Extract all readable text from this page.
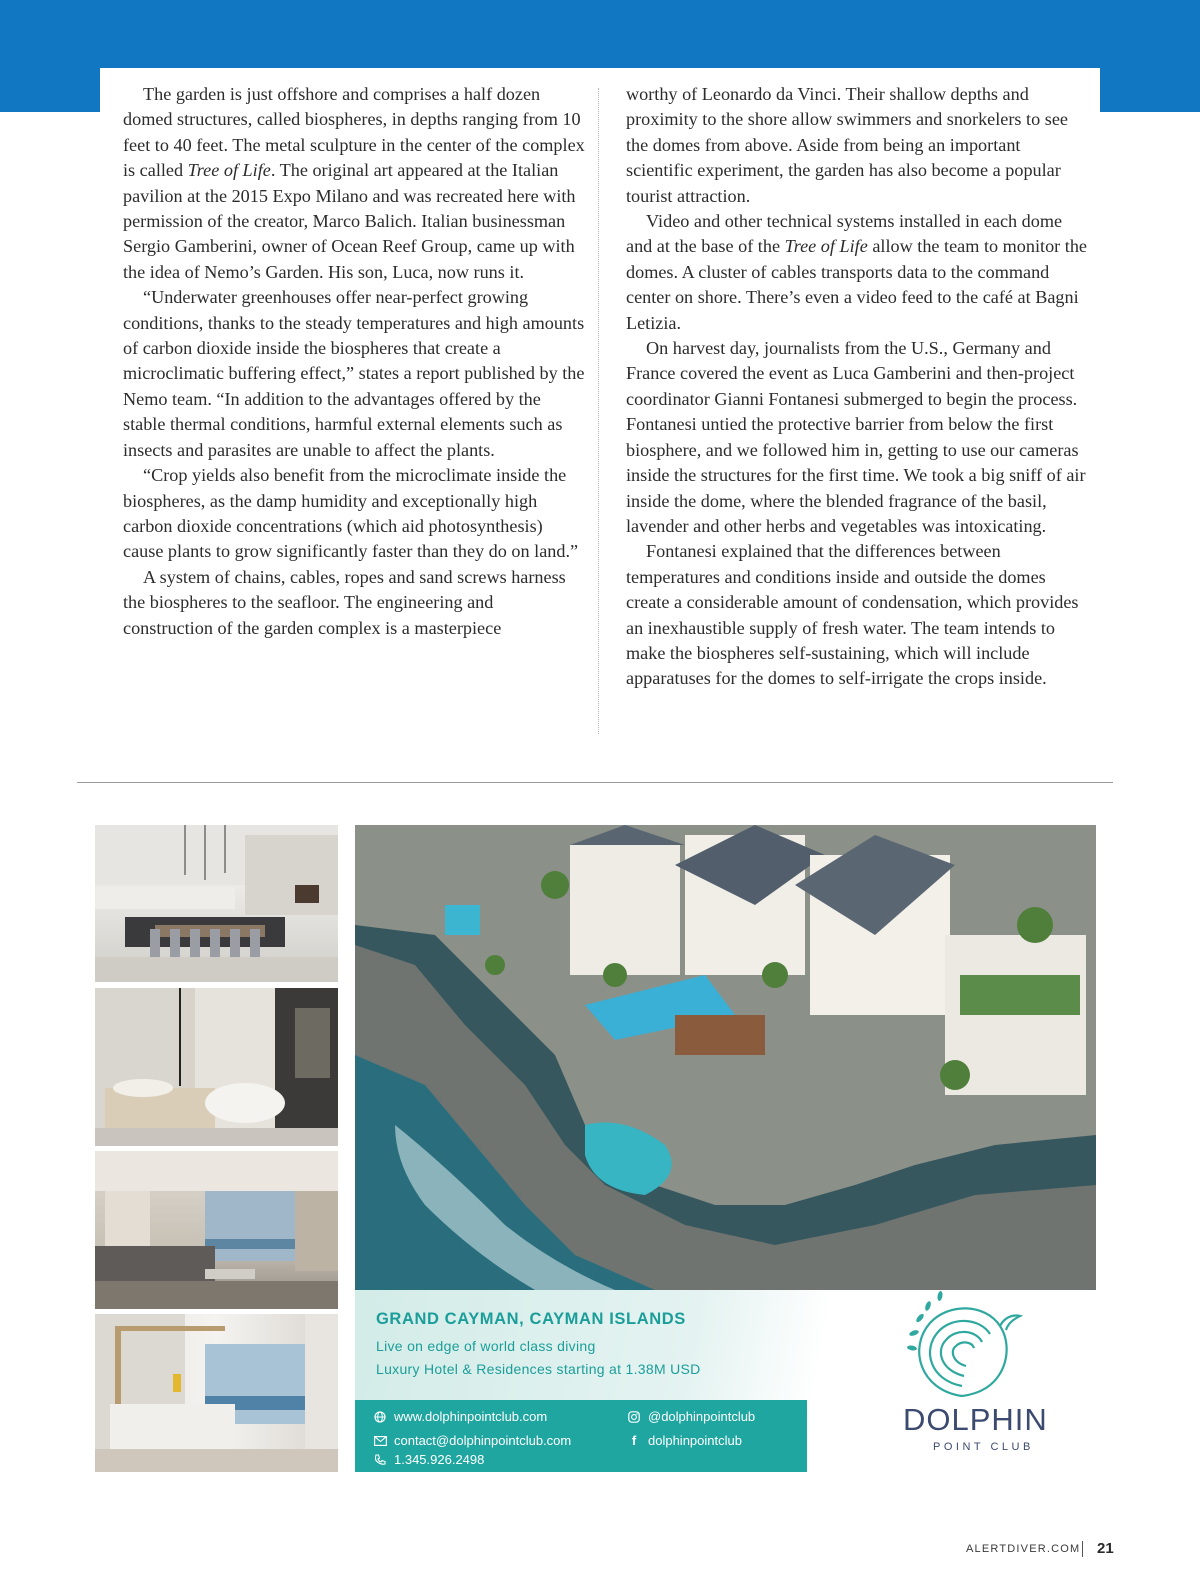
The garden is just offshore and comprises a half dozen domed structures, called biospheres, in depths ranging from 10 feet to 40 feet. The metal sculpture in the center of the complex is called Tree of Life. The original art appeared at the Italian pavilion at the 2015 Expo Milano and was recreated here with permission of the creator, Marco Balich. Italian businessman Sergio Gamberini, owner of Ocean Reef Group, came up with the idea of Nemo’s Garden. His son, Luca, now runs it.

“Underwater greenhouses offer near-perfect growing conditions, thanks to the steady temperatures and high amounts of carbon dioxide inside the biospheres that create a microclimatic buffering effect,” states a report published by the Nemo team. “In addition to the advantages offered by the stable thermal conditions, harmful external elements such as insects and parasites are unable to affect the plants.

“Crop yields also benefit from the microclimate inside the biospheres, as the damp humidity and exceptionally high carbon dioxide concentrations (which aid photosynthesis) cause plants to grow significantly faster than they do on land.”

A system of chains, cables, ropes and sand screws harness the biospheres to the seafloor. The engineering and construction of the garden complex is a masterpiece

worthy of Leonardo da Vinci. Their shallow depths and proximity to the shore allow swimmers and snorkelers to see the domes from above. Aside from being an important scientific experiment, the garden has also become a popular tourist attraction.

Video and other technical systems installed in each dome and at the base of the Tree of Life allow the team to monitor the domes. A cluster of cables transports data to the command center on shore. There’s even a video feed to the café at Bagni Letizia.

On harvest day, journalists from the U.S., Germany and France covered the event as Luca Gamberini and then-project coordinator Gianni Fontanesi submerged to begin the process. Fontanesi untied the protective barrier from below the first biosphere, and we followed him in, getting to use our cameras inside the structures for the first time. We took a big sniff of air inside the dome, where the blended fragrance of the basil, lavender and other herbs and vegetables was intoxicating.

Fontanesi explained that the differences between temperatures and conditions inside and outside the domes create a considerable amount of condensation, which provides an inexhaustible supply of fresh water. The team intends to make the biospheres self-sustaining, which will include apparatuses for the domes to self-irrigate the crops inside.

GRAND CAYMAN, CAYMAN ISLANDS
Live on edge of world class diving
Luxury Hotel & Residences starting at 1.38M USD
www.dolphinpointclub.com
contact@dolphinpointclub.com
1.345.926.2498
@dolphinpointclub
f dolphinpointclub
DOLPHIN
POINT CLUB
ALERTDIVER.COM 21
